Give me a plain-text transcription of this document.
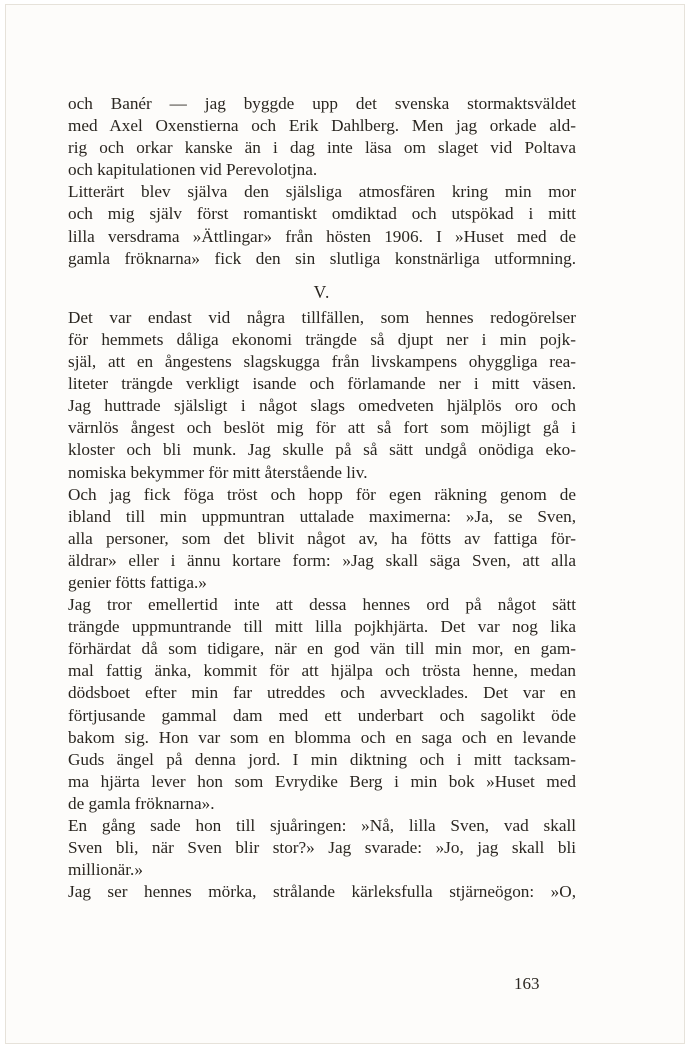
och Banér — jag byggde upp det svenska stormaktsväldet
med Axel Oxenstierna och Erik Dahlberg. Men jag orkade ald-
rig och orkar kanske än i dag inte läsa om slaget vid Poltava
och kapitulationen vid Perevolotjna.
Litterärt blev själva den själsliga atmosfären kring min mor
och mig själv först romantiskt omdiktad och utspökad i mitt
lilla versdrama »Ättlingar» från hösten 1906. I »Huset med de
gamla fröknarna» fick den sin slutliga konstnärliga utformning.
V.
Det var endast vid några tillfällen, som hennes redogörelser
för hemmets dåliga ekonomi trängde så djupt ner i min pojk-
själ, att en ångestens slagskugga från livskampens ohyggliga rea-
liteter trängde verkligt isande och förlamande ner i mitt väsen.
Jag huttrade själsligt i något slags omedveten hjälplös oro och
värnlös ångest och beslöt mig för att så fort som möjligt gå i
kloster och bli munk. Jag skulle på så sätt undgå onödiga eko-
nomiska bekymmer för mitt återstående liv.
Och jag fick föga tröst och hopp för egen räkning genom de
ibland till min uppmuntran uttalade maximerna: »Ja, se Sven,
alla personer, som det blivit något av, ha fötts av fattiga för-
äldrar» eller i ännu kortare form: »Jag skall säga Sven, att alla
genier fötts fattiga.»
Jag tror emellertid inte att dessa hennes ord på något sätt
trängde uppmuntrande till mitt lilla pojkhjärta. Det var nog lika
förhärdat då som tidigare, när en god vän till min mor, en gam-
mal fattig änka, kommit för att hjälpa och trösta henne, medan
dödsboet efter min far utreddes och avvecklades. Det var en
förtjusande gammal dam med ett underbart och sagolikt öde
bakom sig. Hon var som en blomma och en saga och en levande
Guds ängel på denna jord. I min diktning och i mitt tacksam-
ma hjärta lever hon som Evrydike Berg i min bok »Huset med
de gamla fröknarna».
En gång sade hon till sjuåringen: »Nå, lilla Sven, vad skall
Sven bli, när Sven blir stor?» Jag svarade: »Jo, jag skall bli
millionär.»
Jag ser hennes mörka, strålande kärleksfulla stjärneögon: »O,
163
